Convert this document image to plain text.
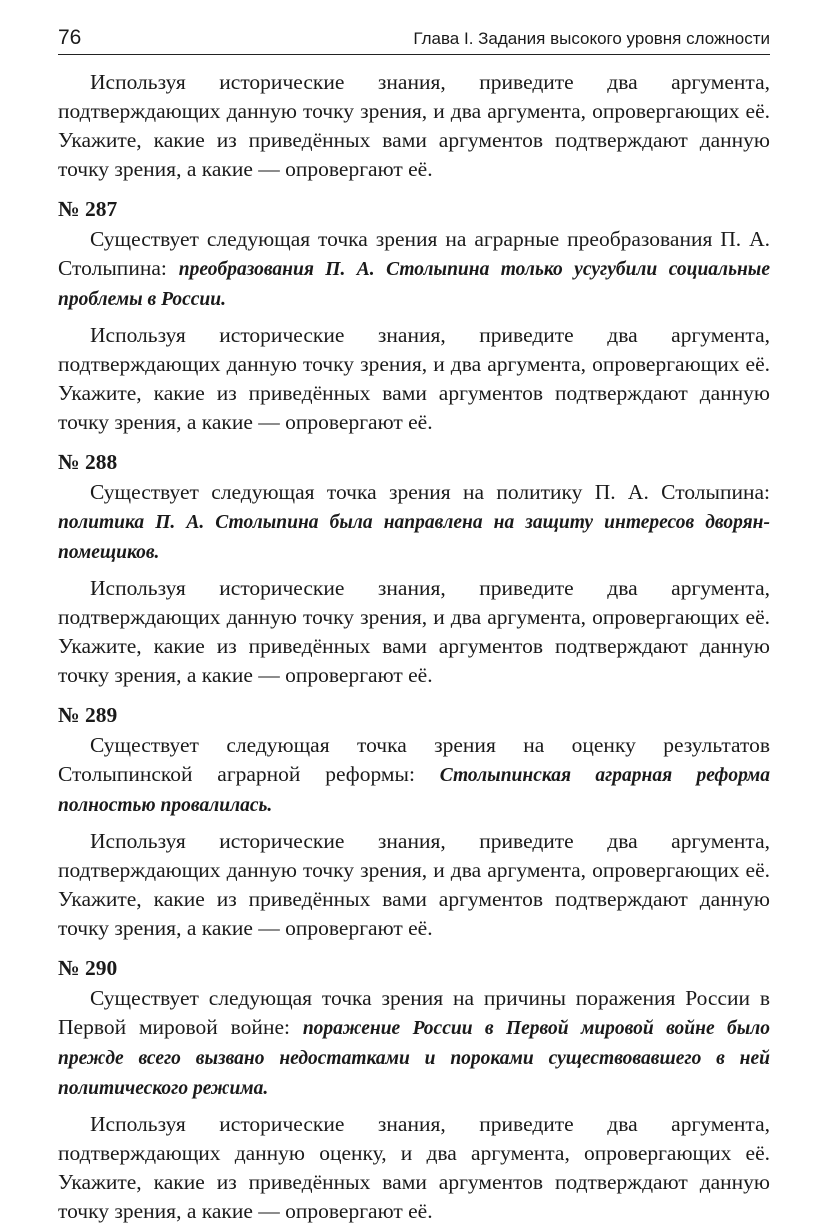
76	Глава I. Задания высокого уровня сложности

Используя исторические знания, приведите два аргумента, подтверждающих данную точку зрения, и два аргумента, опровергающих её. Укажите, какие из приведённых вами аргументов подтверждают данную точку зрения, а какие — опровергают её.

№ 287

Существует следующая точка зрения на аграрные преобразования П. А. Столыпина: преобразования П. А. Столыпина только усугубили социальные проблемы в России.

Используя исторические знания, приведите два аргумента, подтверждающих данную точку зрения, и два аргумента, опровергающих её. Укажите, какие из приведённых вами аргументов подтверждают данную точку зрения, а какие — опровергают её.

№ 288

Существует следующая точка зрения на политику П. А. Столыпина: политика П. А. Столыпина была направлена на защиту интересов дворян-помещиков.

Используя исторические знания, приведите два аргумента, подтверждающих данную точку зрения, и два аргумента, опровергающих её. Укажите, какие из приведённых вами аргументов подтверждают данную точку зрения, а какие — опровергают её.

№ 289

Существует следующая точка зрения на оценку результатов Столыпинской аграрной реформы: Столыпинская аграрная реформа полностью провалилась.

Используя исторические знания, приведите два аргумента, подтверждающих данную точку зрения, и два аргумента, опровергающих её. Укажите, какие из приведённых вами аргументов подтверждают данную точку зрения, а какие — опровергают её.

№ 290

Существует следующая точка зрения на причины поражения России в Первой мировой войне: поражение России в Первой мировой войне было прежде всего вызвано недостатками и пороками существовавшего в ней политического режима.

Используя исторические знания, приведите два аргумента, подтверждающих данную оценку, и два аргумента, опровергающих её. Укажите, какие из приведённых вами аргументов подтверждают данную точку зрения, а какие — опровергают её.
